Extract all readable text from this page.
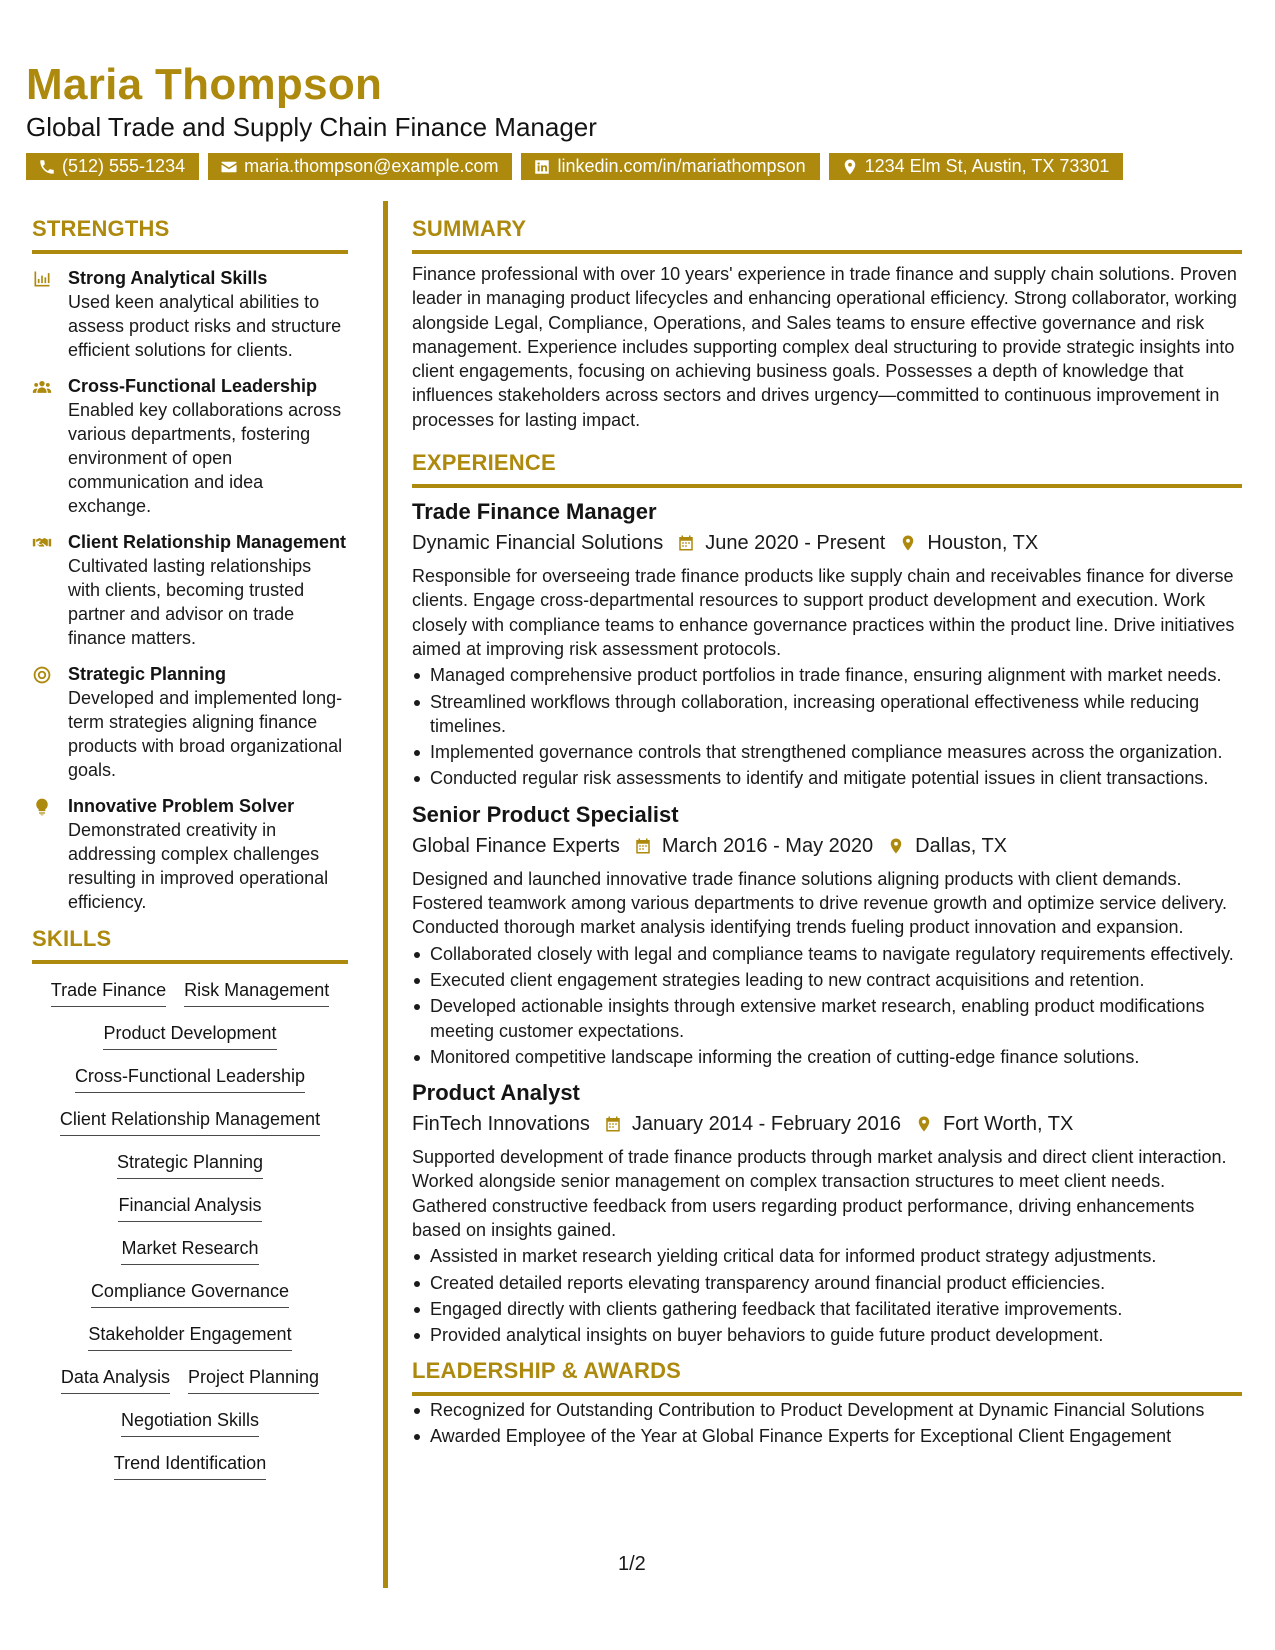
Maria Thompson
Global Trade and Supply Chain Finance Manager
(512) 555-1234	maria.thompson@example.com	linkedin.com/in/mariathompson	1234 Elm St, Austin, TX 73301
STRENGTHS
Strong Analytical Skills
Used keen analytical abilities to assess product risks and structure efficient solutions for clients.
Cross-Functional Leadership
Enabled key collaborations across various departments, fostering environment of open communication and idea exchange.
Client Relationship Management
Cultivated lasting relationships with clients, becoming trusted partner and advisor on trade finance matters.
Strategic Planning
Developed and implemented long-term strategies aligning finance products with broad organizational goals.
Innovative Problem Solver
Demonstrated creativity in addressing complex challenges resulting in improved operational efficiency.
SKILLS
Trade Finance Risk Management
Product Development
Cross-Functional Leadership
Client Relationship Management
Strategic Planning
Financial Analysis
Market Research
Compliance Governance
Stakeholder Engagement
Data Analysis Project Planning
Negotiation Skills
Trend Identification
SUMMARY

Finance professional with over 10 years' experience in trade finance and supply chain solutions. Proven leader in managing product lifecycles and enhancing operational efficiency. Strong collaborator, working alongside Legal, Compliance, Operations, and Sales teams to ensure effective governance and risk management. Experience includes supporting complex deal structuring to provide strategic insights into client engagements, focusing on achieving business goals. Possesses a depth of knowledge that influences stakeholders across sectors and drives urgency—committed to continuous improvement in processes for lasting impact.

EXPERIENCE
Trade Finance Manager
Dynamic Financial Solutions June 2020 - Present Houston, TX

Responsible for overseeing trade finance products like supply chain and receivables finance for diverse clients. Engage cross-departmental resources to support product development and execution. Work closely with compliance teams to enhance governance practices within the product line. Drive initiatives aimed at improving risk assessment protocols.

Managed comprehensive product portfolios in trade finance, ensuring alignment with market needs.
Streamlined workflows through collaboration, increasing operational effectiveness while reducing timelines.
Implemented governance controls that strengthened compliance measures across the organization.
Conducted regular risk assessments to identify and mitigate potential issues in client transactions.
Senior Product Specialist
Global Finance Experts March 2016 - May 2020 Dallas, TX

Designed and launched innovative trade finance solutions aligning products with client demands. Fostered teamwork among various departments to drive revenue growth and optimize service delivery. Conducted thorough market analysis identifying trends fueling product innovation and expansion.

Collaborated closely with legal and compliance teams to navigate regulatory requirements effectively.
Executed client engagement strategies leading to new contract acquisitions and retention.
Developed actionable insights through extensive market research, enabling product modifications meeting customer expectations.
Monitored competitive landscape informing the creation of cutting-edge finance solutions.
Product Analyst
FinTech Innovations January 2014 - February 2016 Fort Worth, TX

Supported development of trade finance products through market analysis and direct client interaction. Worked alongside senior management on complex transaction structures to meet client needs. Gathered constructive feedback from users regarding product performance, driving enhancements based on insights gained.

Assisted in market research yielding critical data for informed product strategy adjustments.
Created detailed reports elevating transparency around financial product efficiencies.
Engaged directly with clients gathering feedback that facilitated iterative improvements.
Provided analytical insights on buyer behaviors to guide future product development.
LEADERSHIP & AWARDS
Recognized for Outstanding Contribution to Product Development at Dynamic Financial Solutions
Awarded Employee of the Year at Global Finance Experts for Exceptional Client Engagement
1/2
